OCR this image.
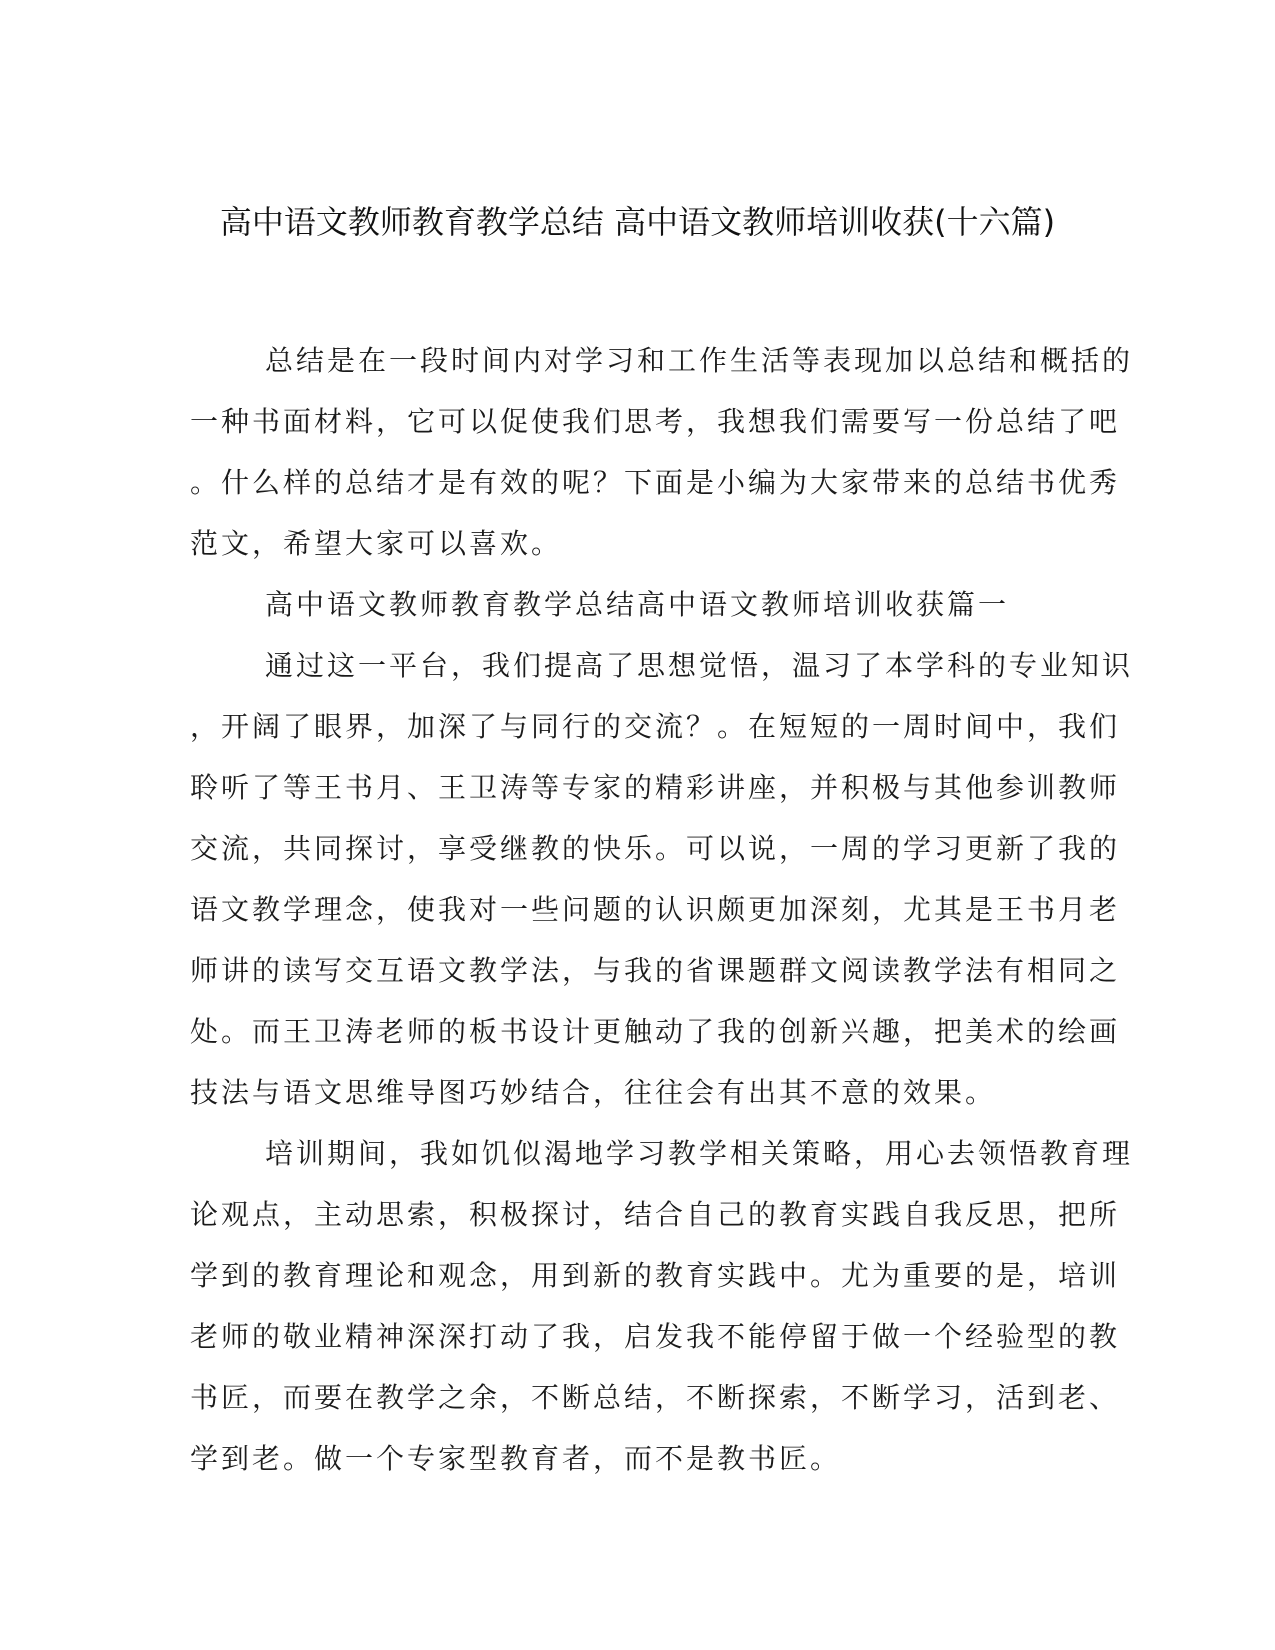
高中语文教师教育教学总结 高中语文教师培训收获(十六篇)
总结是在一段时间内对学习和工作生活等表现加以总结和概括的
一种书面材料，它可以促使我们思考，我想我们需要写一份总结了吧
。什么样的总结才是有效的呢？下面是小编为大家带来的总结书优秀
范文，希望大家可以喜欢。
高中语文教师教育教学总结高中语文教师培训收获篇一
通过这一平台，我们提高了思想觉悟，温习了本学科的专业知识
，开阔了眼界，加深了与同行的交流？。在短短的一周时间中，我们
聆听了等王书月、王卫涛等专家的精彩讲座，并积极与其他参训教师
交流，共同探讨，享受继教的快乐。可以说，一周的学习更新了我的
语文教学理念，使我对一些问题的认识颇更加深刻，尤其是王书月老
师讲的读写交互语文教学法，与我的省课题群文阅读教学法有相同之
处。而王卫涛老师的板书设计更触动了我的创新兴趣，把美术的绘画
技法与语文思维导图巧妙结合，往往会有出其不意的效果。
培训期间，我如饥似渴地学习教学相关策略，用心去领悟教育理
论观点，主动思索，积极探讨，结合自己的教育实践自我反思，把所
学到的教育理论和观念，用到新的教育实践中。尤为重要的是，培训
老师的敬业精神深深打动了我，启发我不能停留于做一个经验型的教
书匠，而要在教学之余，不断总结，不断探索，不断学习，活到老、
学到老。做一个专家型教育者，而不是教书匠。
